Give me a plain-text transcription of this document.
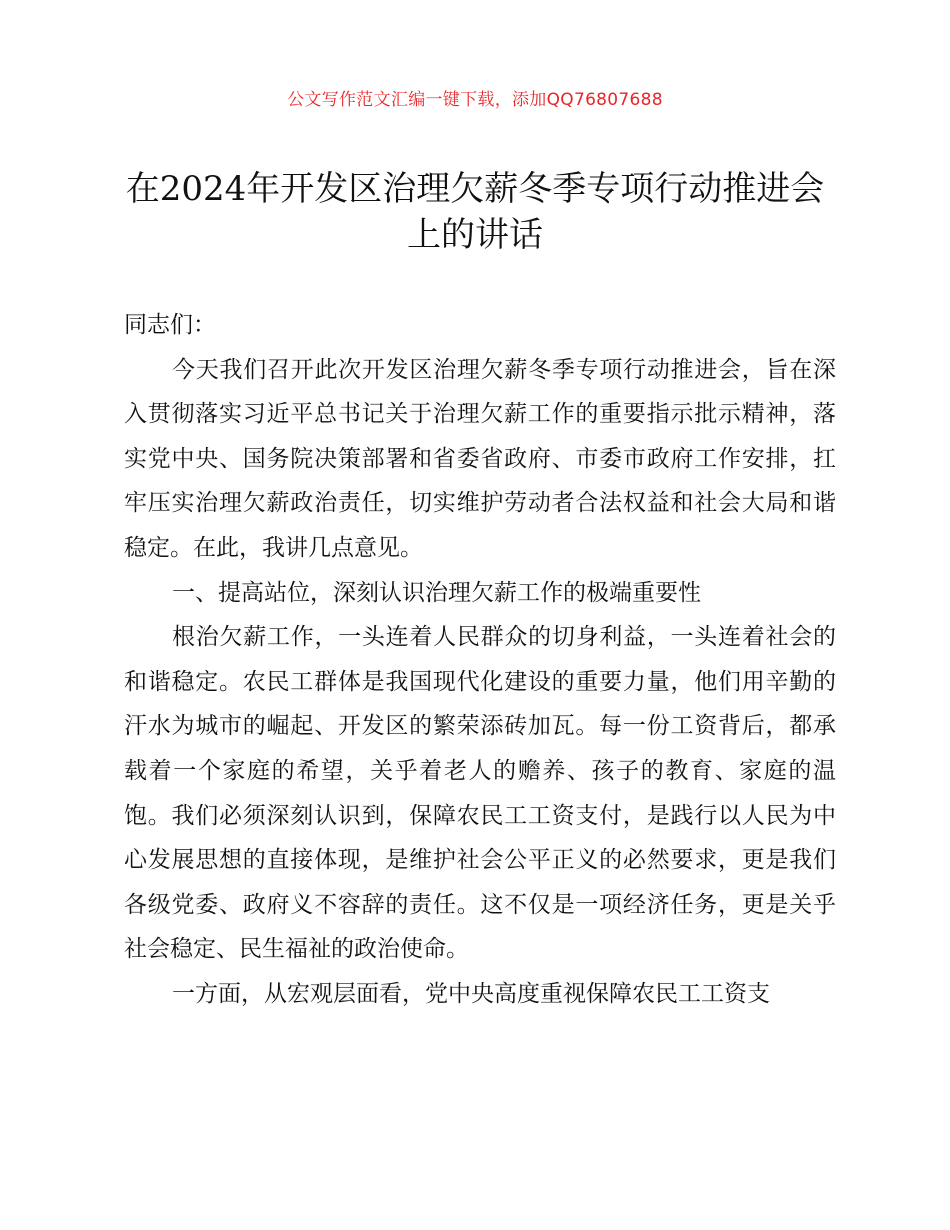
公文写作范文汇编一键下载，添加QQ76807688
在2024年开发区治理欠薪冬季专项行动推进会上的讲话

同志们：

今天我们召开此次开发区治理欠薪冬季专项行动推进会，旨在深入贯彻落实习近平总书记关于治理欠薪工作的重要指示批示精神，落实党中央、国务院决策部署和省委省政府、市委市政府工作安排，扛牢压实治理欠薪政治责任，切实维护劳动者合法权益和社会大局和谐稳定。在此，我讲几点意见。

一、提高站位，深刻认识治理欠薪工作的极端重要性

根治欠薪工作，一头连着人民群众的切身利益，一头连着社会的和谐稳定。农民工群体是我国现代化建设的重要力量，他们用辛勤的汗水为城市的崛起、开发区的繁荣添砖加瓦。每一份工资背后，都承载着一个家庭的希望，关乎着老人的赡养、孩子的教育、家庭的温饱。我们必须深刻认识到，保障农民工工资支付，是践行以人民为中心发展思想的直接体现，是维护社会公平正义的必然要求，更是我们各级党委、政府义不容辞的责任。这不仅是一项经济任务，更是关乎社会稳定、民生福祉的政治使命。

一方面，从宏观层面看，党中央高度重视保障农民工工资支
